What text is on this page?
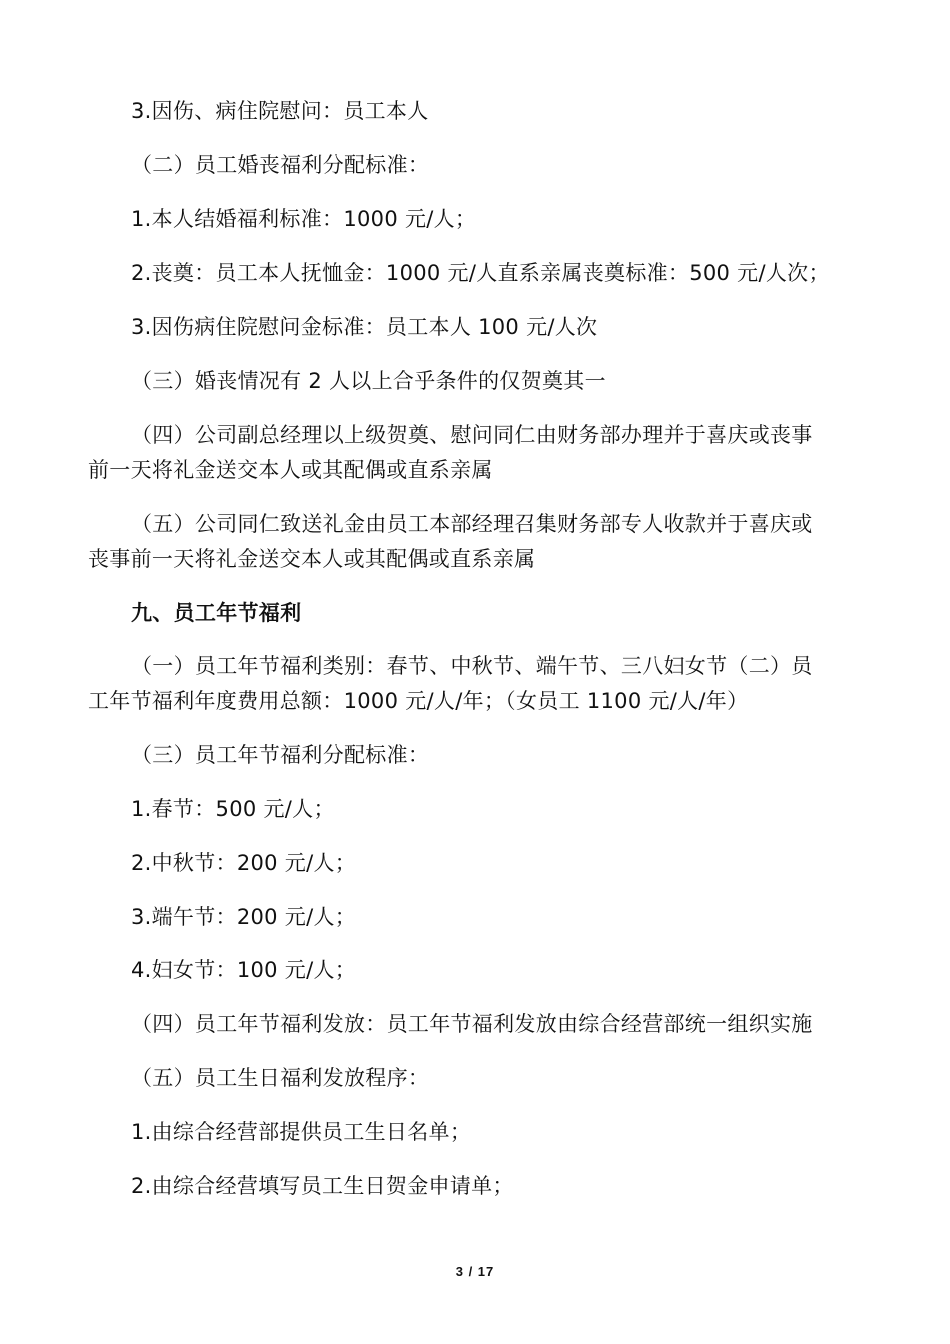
3.因伤、病住院慰问：员工本人
（二）员工婚丧福利分配标准：
1.本人结婚福利标准：1000 元/人；
2.丧奠：员工本人抚恤金：1000 元/人直系亲属丧奠标准：500 元/人次；
3.因伤病住院慰问金标准：员工本人 100 元/人次
（三）婚丧情况有 2 人以上合乎条件的仅贺奠其一
（四）公司副总经理以上级贺奠、慰问同仁由财务部办理并于喜庆或丧事
前一天将礼金送交本人或其配偶或直系亲属
（五）公司同仁致送礼金由员工本部经理召集财务部专人收款并于喜庆或
丧事前一天将礼金送交本人或其配偶或直系亲属
九、员工年节福利
（一）员工年节福利类别：春节、中秋节、端午节、三八妇女节（二）员
工年节福利年度费用总额：1000 元/人/年；（女员工 1100 元/人/年）
（三）员工年节福利分配标准：
1.春节：500 元/人；
2.中秋节：200 元/人；
3.端午节：200 元/人；
4.妇女节：100 元/人；
（四）员工年节福利发放：员工年节福利发放由综合经营部统一组织实施
（五）员工生日福利发放程序：
1.由综合经营部提供员工生日名单；
2.由综合经营填写员工生日贺金申请单；
3 / 17
